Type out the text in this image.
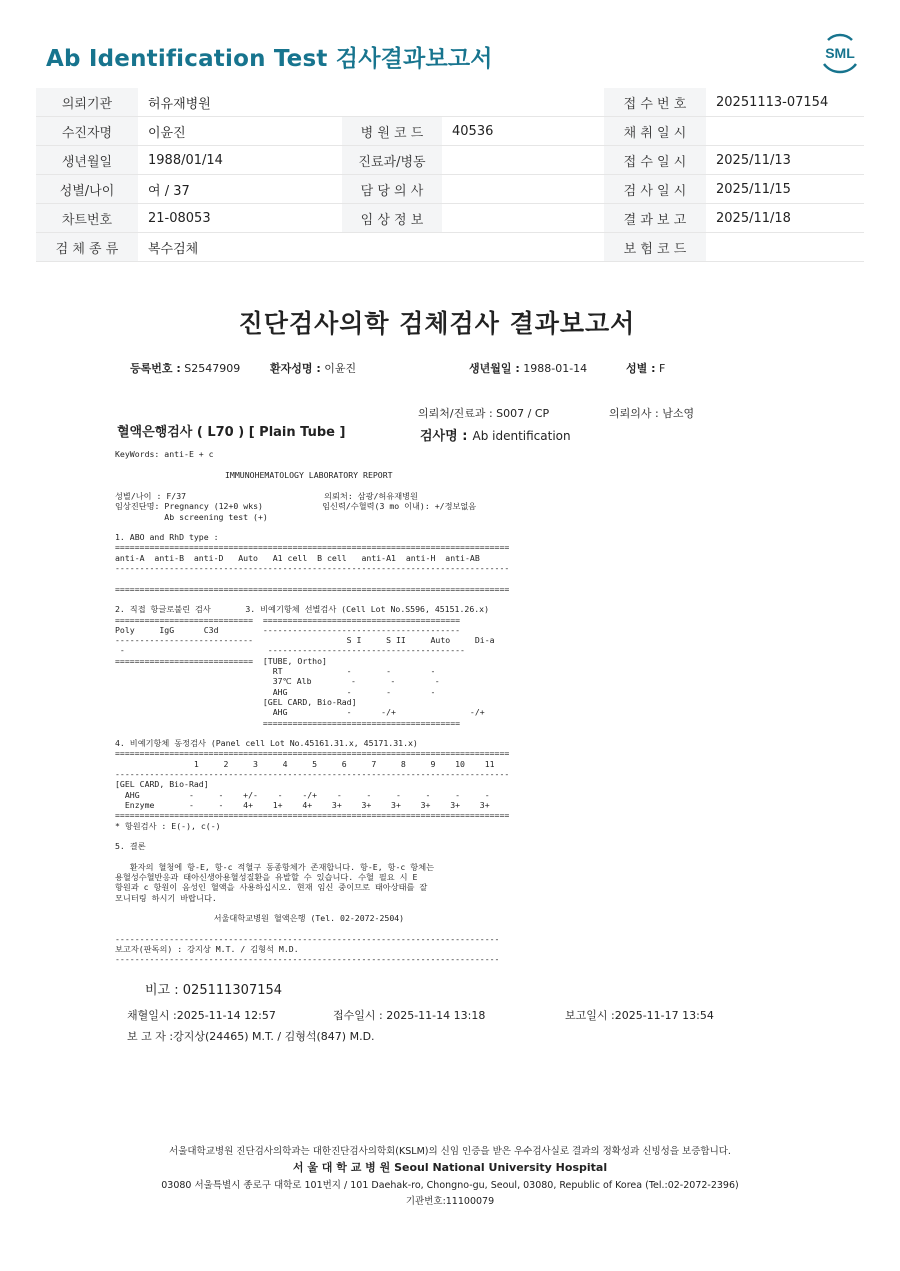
Ab Identification Test 검사결과보고서	SML
의뢰기관	허유재병원			접 수 번 호	20251113-07154
수진자명	이윤진	병 원 코 드	40536	채 취 일 시	
생년월일	1988/01/14	진료과/병동		접 수 일 시	2025/11/13
성별/나이	여 / 37	담 당 의 사		검 사 일 시	2025/11/15
차트번호	21-08053	임 상 정 보		결 과 보 고	2025/11/18
검 체 종 류	복수검체			보 험 코 드	
진단검사의학 검체검사 결과보고서
등록번호 : S2547909	환자성명 : 이윤진	생년월일 : 1988-01-14	성별 : F
의뢰처/진료과 : S007 / CP	의뢰의사 : 남소영
혈액은행검사 ( L70 ) [ Plain Tube ]	검사명 : Ab identification
KeyWords: anti-E + c
IMMUNOHEMATOLOGY LABORATORY REPORT
성별/나이 : F/37                            의뢰처: 삼광/허유재병원
임상진단명: Pregnancy (12+0 wks)            임신력/수혈력(3 mo 이내): +/정보없음
Ab screening test (+)
1. ABO and RhD type :
================================================================================
anti-A  anti-B  anti-D   Auto   A1 cell  B cell   anti-A1  anti-H  anti-AB
--------------------------------------------------------------------------------
================================================================================
2. 직접 항글로불린 검사       3. 비예기항체 선별검사 (Cell Lot No.S596, 45151.26.x)
============================  ========================================
Poly     IgG      C3d         ----------------------------------------
----------------------------                   S I     S II     Auto     Di-a
-                             ----------------------------------------
============================  [TUBE, Ortho]
RT             -       -        -
37℃ Alb        -       -        -
AHG            -       -        -
[GEL CARD, Bio-Rad]
AHG            -      -/+               -/+
========================================
4. 비예기항체 동정검사 (Panel cell Lot No.45161.31.x, 45171.31.x)
================================================================================
1     2     3     4     5     6     7     8     9    10    11
--------------------------------------------------------------------------------
[GEL CARD, Bio-Rad]
AHG          -     -    +/-    -    -/+    -     -     -     -     -     -
Enzyme       -     -    4+    1+    4+    3+    3+    3+    3+    3+    3+
================================================================================
* 항원검사 : E(-), c(-)
5. 결론
환자의 혈청에 항-E, 항-c 적혈구 동종항체가 존재합니다. 항-E, 항-c 항체는
용혈성수혈반응과 태아신생아용혈성질환을 유발할 수 있습니다. 수혈 필요 시 E
항원과 c 항원이 음성인 혈액을 사용하십시오. 현재 임신 중이므로 태아상태를 잘
모니터링 하시기 바랍니다.
서울대학교병원 혈액은행 (Tel. 02-2072-2504)
------------------------------------------------------------------------------
보고자(판독의) : 강지상 M.T. / 김형석 M.D.
------------------------------------------------------------------------------
비고 : 025111307154
채혈일시 :2025-11-14 12:57	접수일시 : 2025-11-14 13:18	보고일시 :2025-11-17 13:54
보 고 자 :강지상(24465) M.T. / 김형석(847) M.D.
서울대학교병원 진단검사의학과는 대한진단검사의학회(KSLM)의 신임 인증을 받은 우수검사실로 결과의 정확성과 신빙성을 보증합니다.
서 울 대 학 교 병 원 Seoul National University Hospital
03080 서울특별시 종로구 대학로 101번지 / 101 Daehak-ro, Chongno-gu, Seoul, 03080, Republic of Korea (Tel.:02-2072-2396)
기관번호:11100079
